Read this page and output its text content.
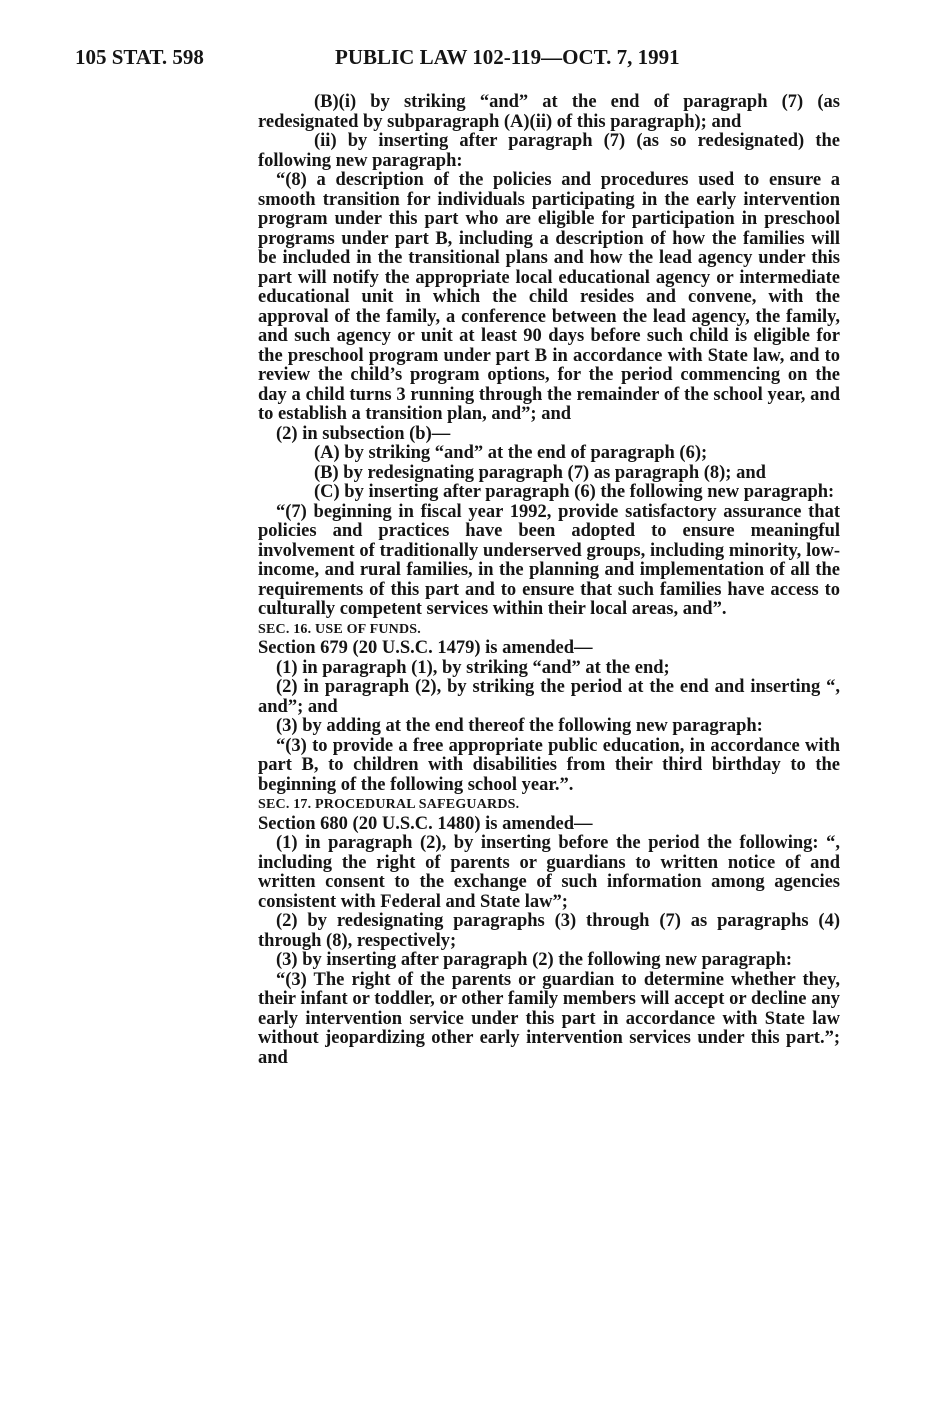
105 STAT. 598	PUBLIC LAW 102-119—OCT. 7, 1991

(B)(i) by striking “and” at the end of paragraph (7) (as redesignated by subparagraph (A)(ii) of this paragraph); and

(ii) by inserting after paragraph (7) (as so redesignated) the following new paragraph:

“(8) a description of the policies and procedures used to ensure a smooth transition for individuals participating in the early intervention program under this part who are eligible for participation in preschool programs under part B, including a description of how the families will be included in the transitional plans and how the lead agency under this part will notify the appropriate local educational agency or intermediate educational unit in which the child resides and convene, with the approval of the family, a conference between the lead agency, the family, and such agency or unit at least 90 days before such child is eligible for the preschool program under part B in accordance with State law, and to review the child’s program options, for the period commencing on the day a child turns 3 running through the remainder of the school year, and to establish a transition plan, and”; and

(2) in subsection (b)—

(A) by striking “and” at the end of paragraph (6);

(B) by redesignating paragraph (7) as paragraph (8); and

(C) by inserting after paragraph (6) the following new paragraph:

“(7) beginning in fiscal year 1992, provide satisfactory assurance that policies and practices have been adopted to ensure meaningful involvement of traditionally underserved groups, including minority, low-income, and rural families, in the planning and implementation of all the requirements of this part and to ensure that such families have access to culturally competent services within their local areas, and”.

SEC. 16. USE OF FUNDS.

Section 679 (20 U.S.C. 1479) is amended—

(1) in paragraph (1), by striking “and” at the end;

(2) in paragraph (2), by striking the period at the end and inserting “, and”; and

(3) by adding at the end thereof the following new paragraph:

“(3) to provide a free appropriate public education, in accordance with part B, to children with disabilities from their third birthday to the beginning of the following school year.”.

SEC. 17. PROCEDURAL SAFEGUARDS.

Section 680 (20 U.S.C. 1480) is amended—

(1) in paragraph (2), by inserting before the period the following: “, including the right of parents or guardians to written notice of and written consent to the exchange of such information among agencies consistent with Federal and State law”;

(2) by redesignating paragraphs (3) through (7) as paragraphs (4) through (8), respectively;

(3) by inserting after paragraph (2) the following new paragraph:

“(3) The right of the parents or guardian to determine whether they, their infant or toddler, or other family members will accept or decline any early intervention service under this part in accordance with State law without jeopardizing other early intervention services under this part.”; and
